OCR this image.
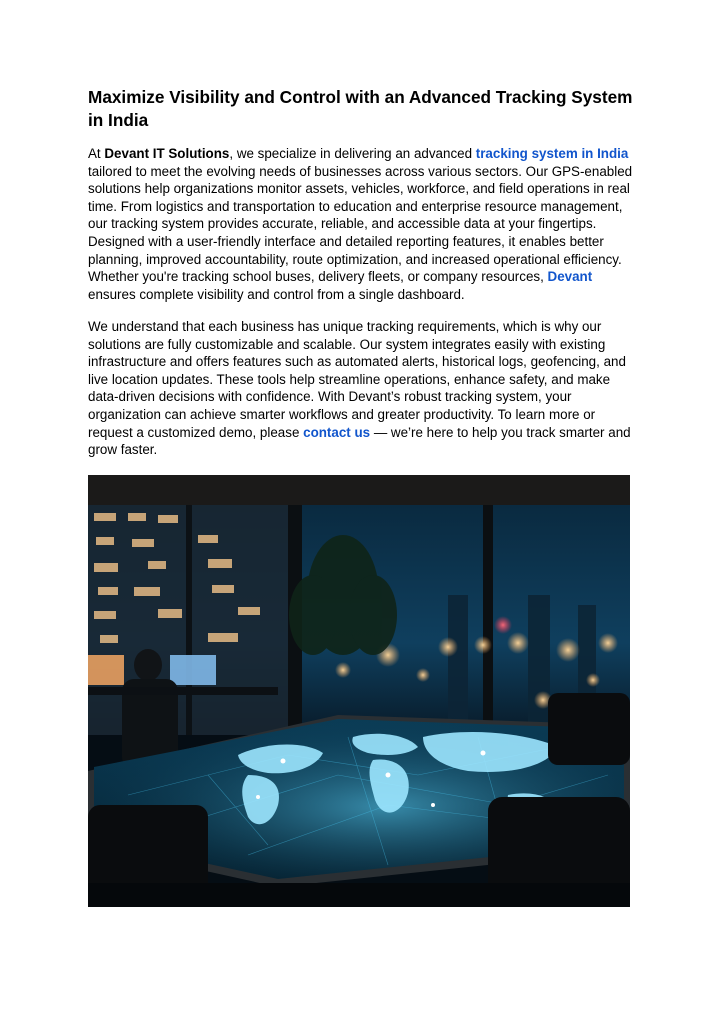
Maximize Visibility and Control with an Advanced Tracking System in India

At Devant IT Solutions, we specialize in delivering an advanced tracking system in India tailored to meet the evolving needs of businesses across various sectors. Our GPS-enabled solutions help organizations monitor assets, vehicles, workforce, and field operations in real time. From logistics and transportation to education and enterprise resource management, our tracking system provides accurate, reliable, and accessible data at your fingertips. Designed with a user-friendly interface and detailed reporting features, it enables better planning, improved accountability, route optimization, and increased operational efficiency. Whether you're tracking school buses, delivery fleets, or company resources, Devant ensures complete visibility and control from a single dashboard.

We understand that each business has unique tracking requirements, which is why our solutions are fully customizable and scalable. Our system integrates easily with existing infrastructure and offers features such as automated alerts, historical logs, geofencing, and live location updates. These tools help streamline operations, enhance safety, and make data-driven decisions with confidence. With Devant’s robust tracking system, your organization can achieve smarter workflows and greater productivity. To learn more or request a customized demo, please contact us — we’re here to help you track smarter and grow faster.
